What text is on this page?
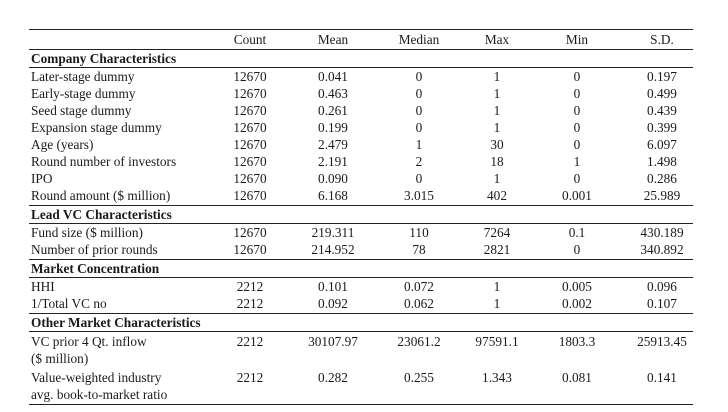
Count	Mean	Median	Max	Min	S.D.
Company Characteristics
Later-stage dummy	12670	0.041	0	1	0	0.197
Early-stage dummy	12670	0.463	0	1	0	0.499
Seed stage dummy	12670	0.261	0	1	0	0.439
Expansion stage dummy	12670	0.199	0	1	0	0.399
Age (years)	12670	2.479	1	30	0	6.097
Round number of investors	12670	2.191	2	18	1	1.498
IPO	12670	0.090	0	1	0	0.286
Round amount ($ million)	12670	6.168	3.015	402	0.001	25.989
Lead VC Characteristics
Fund size ($ million)	12670	219.311	110	7264	0.1	430.189
Number of prior rounds	12670	214.952	78	2821	0	340.892
Market Concentration
HHI	2212	0.101	0.072	1	0.005	0.096
1/Total VC no	2212	0.092	0.062	1	0.002	0.107
Other Market Characteristics
VC prior 4 Qt. inflow
($ million)
2212	30107.97	23061.2	97591.1	1803.3	25913.45
Value-weighted industry
avg. book-to-market ratio
2212	0.282	0.255	1.343	0.081	0.141
